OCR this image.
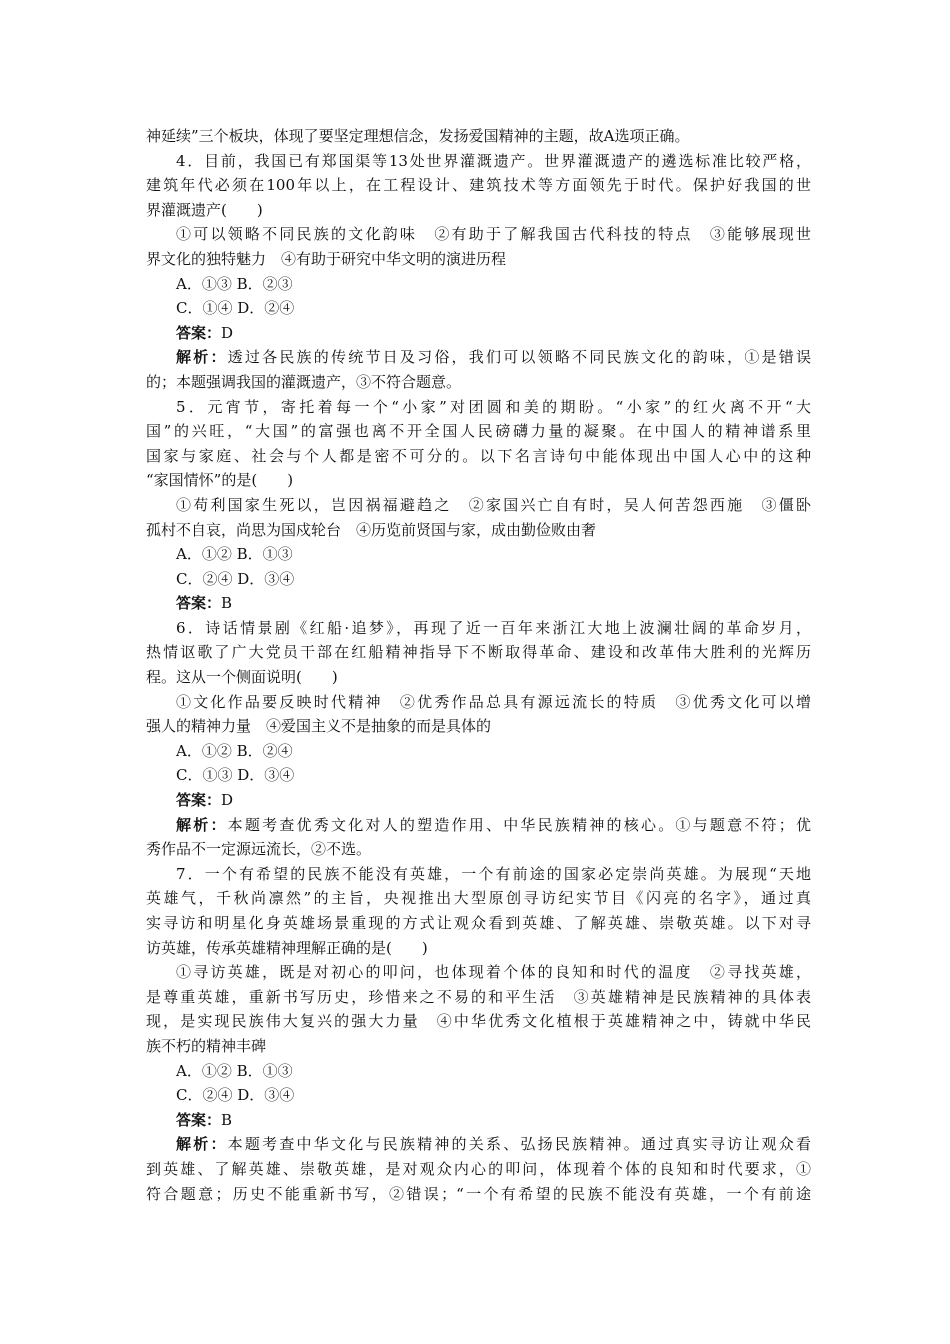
神延续”三个板块，体现了要坚定理想信念，发扬爱国精神的主题，故A选项正确。
4．目前，我国已有郑国渠等13处世界灌溉遗产。世界灌溉遗产的遴选标准比较严格，
建筑年代必须在100年以上，在工程设计、建筑技术等方面领先于时代。保护好我国的世
界灌溉遗产(　　)
①可以领略不同民族的文化韵味　②有助于了解我国古代科技的特点　③能够展现世
界文化的独特魅力　④有助于研究中华文明的演进历程
A．①③ B．②③
C．①④ D．②④
答案：D
解析：透过各民族的传统节日及习俗，我们可以领略不同民族文化的韵味，①是错误
的；本题强调我国的灌溉遗产，③不符合题意。
5．元宵节，寄托着每一个“小家”对团圆和美的期盼。“小家”的红火离不开“大
国”的兴旺，“大国”的富强也离不开全国人民磅礴力量的凝聚。在中国人的精神谱系里
国家与家庭、社会与个人都是密不可分的。以下名言诗句中能体现出中国人心中的这种
“家国情怀”的是(　　)
①苟利国家生死以，岂因祸福避趋之　②家国兴亡自有时，吴人何苦怨西施　③僵卧
孤村不自哀，尚思为国戍轮台　④历览前贤国与家，成由勤俭败由奢
A．①② B．①③
C．②④ D．③④
答案：B
6．诗话情景剧《红船·追梦》，再现了近一百年来浙江大地上波澜壮阔的革命岁月，
热情讴歌了广大党员干部在红船精神指导下不断取得革命、建设和改革伟大胜利的光辉历
程。这从一个侧面说明(　　)
①文化作品要反映时代精神　②优秀作品总具有源远流长的特质　③优秀文化可以增
强人的精神力量　④爱国主义不是抽象的而是具体的
A．①② B．②④
C．①③ D．③④
答案：D
解析：本题考查优秀文化对人的塑造作用、中华民族精神的核心。①与题意不符；优
秀作品不一定源远流长，②不选。
7．一个有希望的民族不能没有英雄，一个有前途的国家必定崇尚英雄。为展现“天地
英雄气，千秋尚凛然”的主旨，央视推出大型原创寻访纪实节目《闪亮的名字》，通过真
实寻访和明星化身英雄场景重现的方式让观众看到英雄、了解英雄、崇敬英雄。以下对寻
访英雄，传承英雄精神理解正确的是(　　)
①寻访英雄，既是对初心的叩问，也体现着个体的良知和时代的温度　②寻找英雄，
是尊重英雄，重新书写历史，珍惜来之不易的和平生活　③英雄精神是民族精神的具体表
现，是实现民族伟大复兴的强大力量　④中华优秀文化植根于英雄精神之中，铸就中华民
族不朽的精神丰碑
A．①② B．①③
C．②④ D．③④
答案：B
解析：本题考查中华文化与民族精神的关系、弘扬民族精神。通过真实寻访让观众看
到英雄、了解英雄、崇敬英雄，是对观众内心的叩问，体现着个体的良知和时代要求，①
符合题意；历史不能重新书写，②错误；“一个有希望的民族不能没有英雄，一个有前途
